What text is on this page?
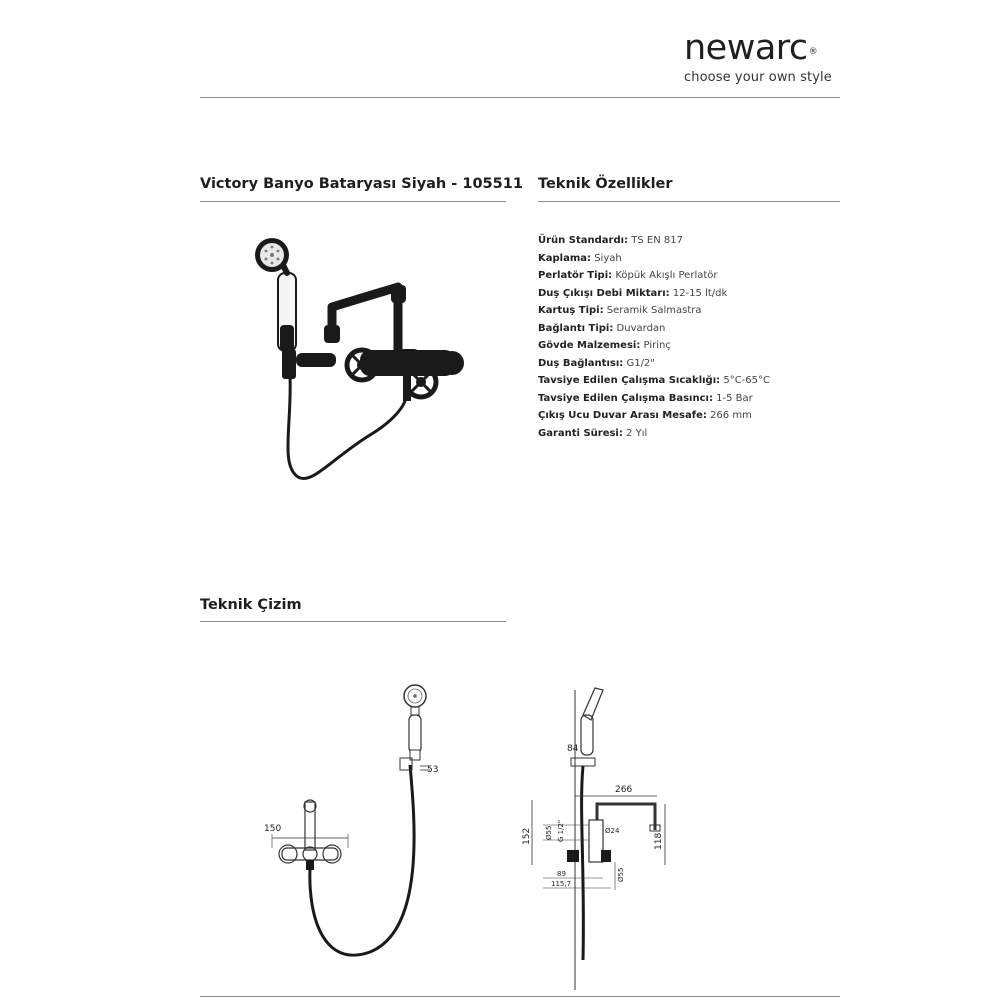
newarc ®
choose your own style
Victory Banyo Bataryası Siyah - 105511 Teknik Özellikler
Ürün Standardı: TS EN 817
Kaplama: Siyah
Perlatör Tipi: Köpük Akışlı Perlatör
Duş Çıkışı Debi Miktarı: 12-15 lt/dk
Kartuş Tipi: Seramik Salmastra
Bağlantı Tipi: Duvardan
Gövde Malzemesi: Pirinç
Duş Bağlantısı: G1/2"
Tavsiye Edilen Çalışma Sıcaklığı: 5°C-65°C
Tavsiye Edilen Çalışma Basıncı: 1-5 Bar
Çıkış Ucu Duvar Arası Mesafe: 266 mm
Garanti Süresi: 2 Yıl
Teknik Çizim
53
150
84
266
118
152 Ø55 G 1/2"	Ø24
89
115,7
Ø55
